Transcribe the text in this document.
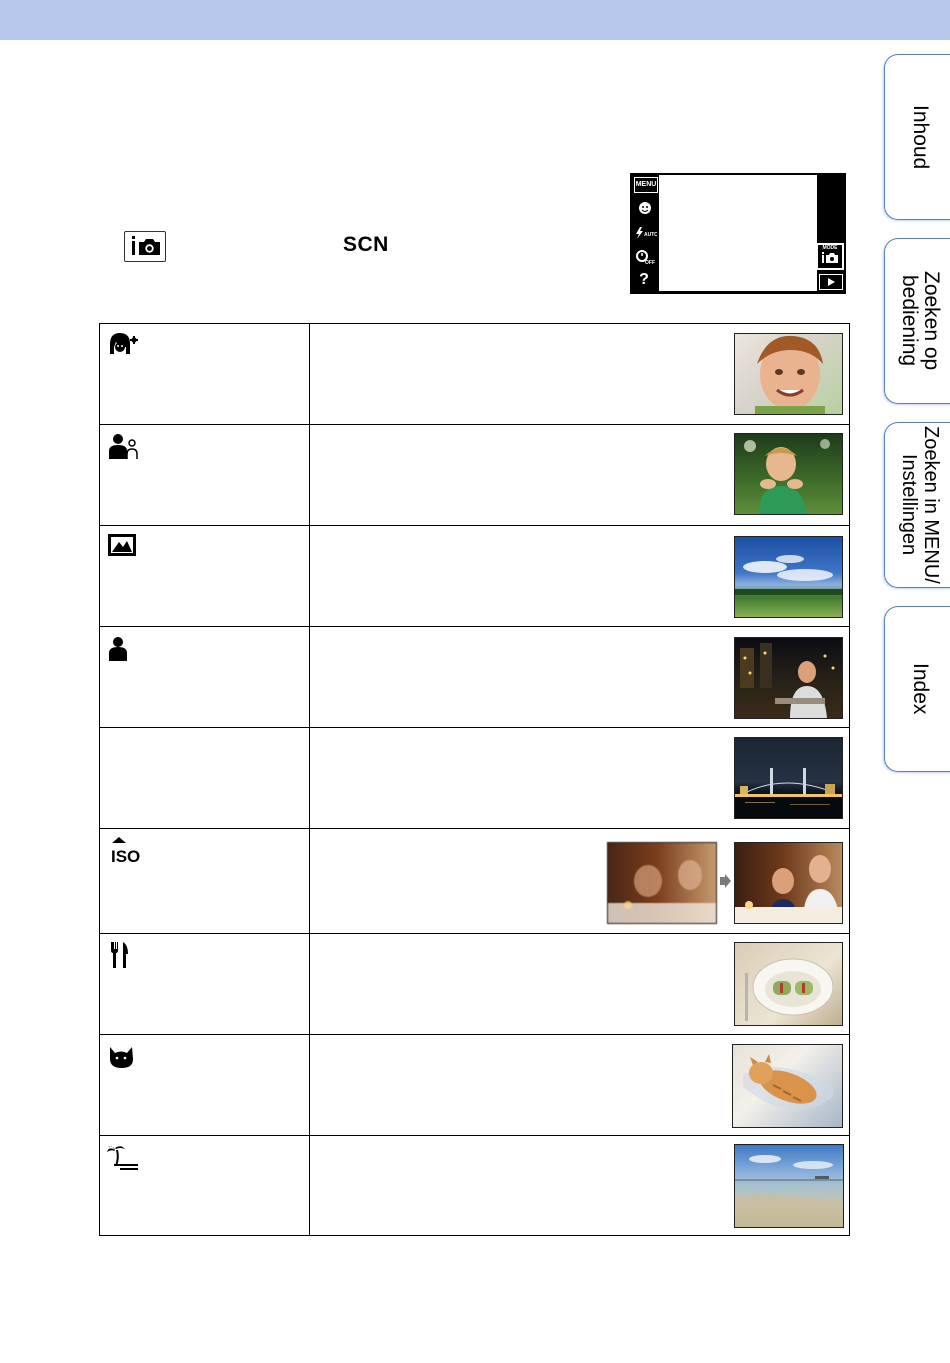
Inhoud
Zoeken op
bediening
Zoeken in MENU/
Instellingen
Index
SCN
MENU
AUTO
OFF
?
MODE
ISO
